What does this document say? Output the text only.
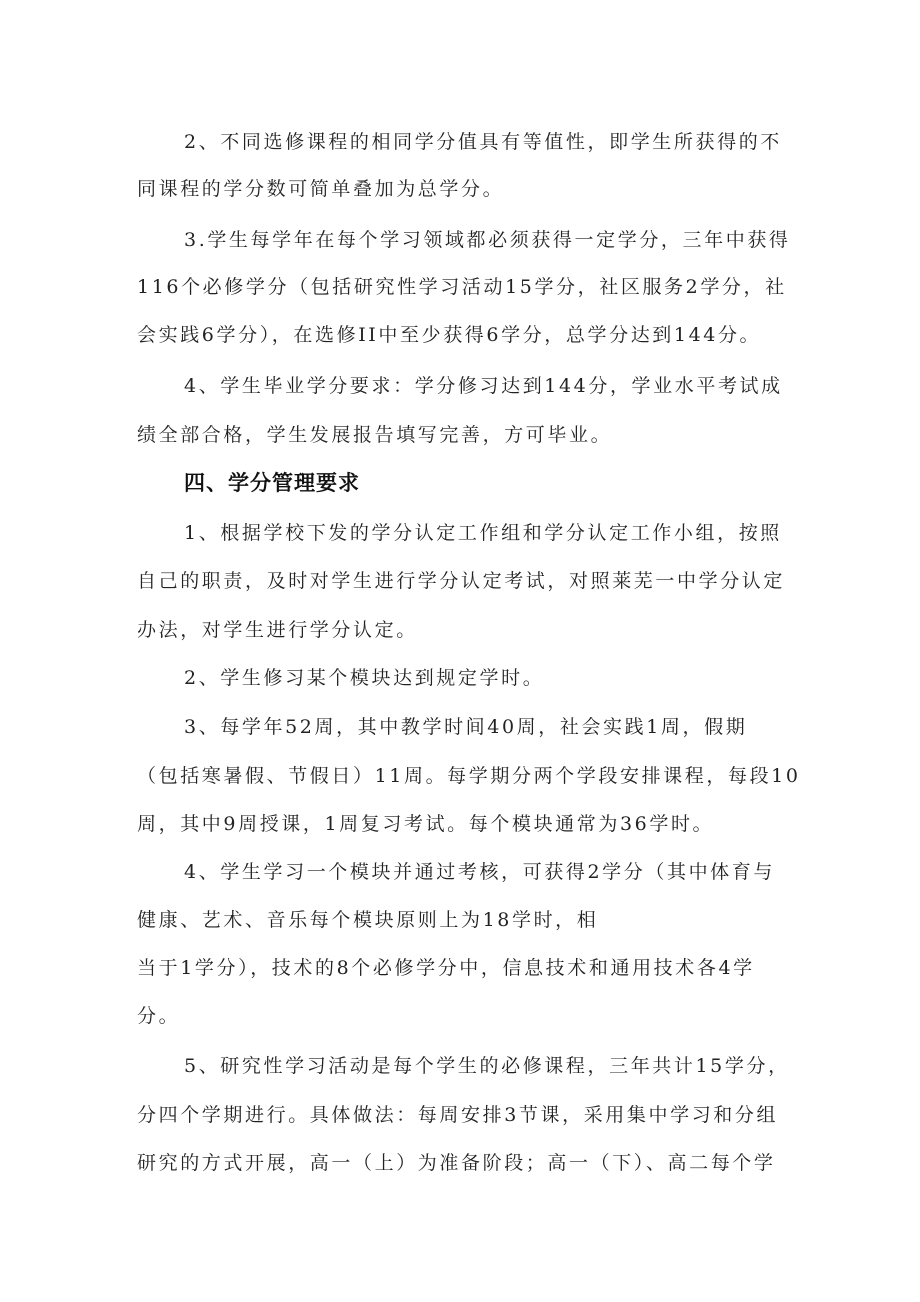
2、不同选修课程的相同学分值具有等值性，即学生所获得的不
同课程的学分数可简单叠加为总学分。
3.学生每学年在每个学习领域都必须获得一定学分，三年中获得
116个必修学分（包括研究性学习活动15学分，社区服务2学分，社
会实践6学分），在选修II中至少获得6学分，总学分达到144分。
4、学生毕业学分要求：学分修习达到144分，学业水平考试成
绩全部合格，学生发展报告填写完善，方可毕业。
四、学分管理要求
1、根据学校下发的学分认定工作组和学分认定工作小组，按照
自己的职责，及时对学生进行学分认定考试，对照莱芜一中学分认定
办法，对学生进行学分认定。
2、学生修习某个模块达到规定学时。
3、每学年52周，其中教学时间40周，社会实践1周，假期
（包括寒暑假、节假日）11周。每学期分两个学段安排课程，每段10
周，其中9周授课，1周复习考试。每个模块通常为36学时。
4、学生学习一个模块并通过考核，可获得2学分（其中体育与
健康、艺术、音乐每个模块原则上为18学时，相
当于1学分），技术的8个必修学分中，信息技术和通用技术各4学
分。
5、研究性学习活动是每个学生的必修课程，三年共计15学分，
分四个学期进行。具体做法：每周安排3节课，采用集中学习和分组
研究的方式开展，高一（上）为准备阶段；高一（下）、高二每个学
